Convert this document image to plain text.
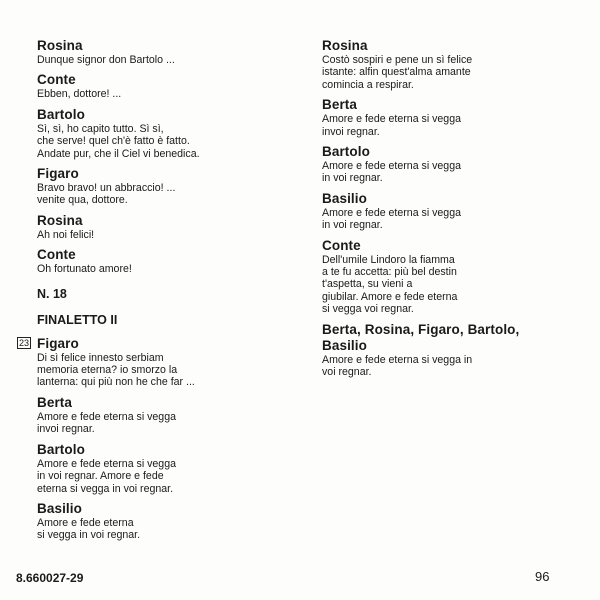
Rosina
Dunque signor don Bartolo ...
Conte
Ebben, dottore! ...
Bartolo
Sì, sì, ho capito tutto. Sì sì,
che serve! quel ch'è fatto è fatto.
Andate pur, che il Ciel vi benedica.
Figaro
Bravo bravo! un abbraccio! ...
venite qua, dottore.
Rosina
Ah noi felici!
Conte
Oh fortunato amore!
N. 18
FINALETTO II
23 Figaro
Di sì felice innesto serbiam
memoria eterna? io smorzo la
lanterna: qui più non he che far ...
Berta
Amore e fede eterna si vegga
invoi regnar.
Bartolo
Amore e fede eterna si vegga
in voi regnar. Amore e fede
eterna si vegga in voi regnar.
Basilio
Amore e fede eterna
si vegga in voi regnar.
Rosina
Costò sospiri e pene un sì felice
istante: alfin quest'alma amante
comincia a respirar.
Berta
Amore e fede eterna si vegga
invoi regnar.
Bartolo
Amore e fede eterna si vegga
in voi regnar.
Basilio
Amore e fede eterna si vegga
in voi regnar.
Conte
Dell'umile Lindoro la fiamma
a te fu accetta: più bel destin
t'aspetta, su vieni a
giubilar. Amore e fede eterna
si vegga voi regnar.
Berta, Rosina, Figaro, Bartolo,
Basilio
Amore e fede eterna si vegga in
voi regnar.
8.660027-29	96
